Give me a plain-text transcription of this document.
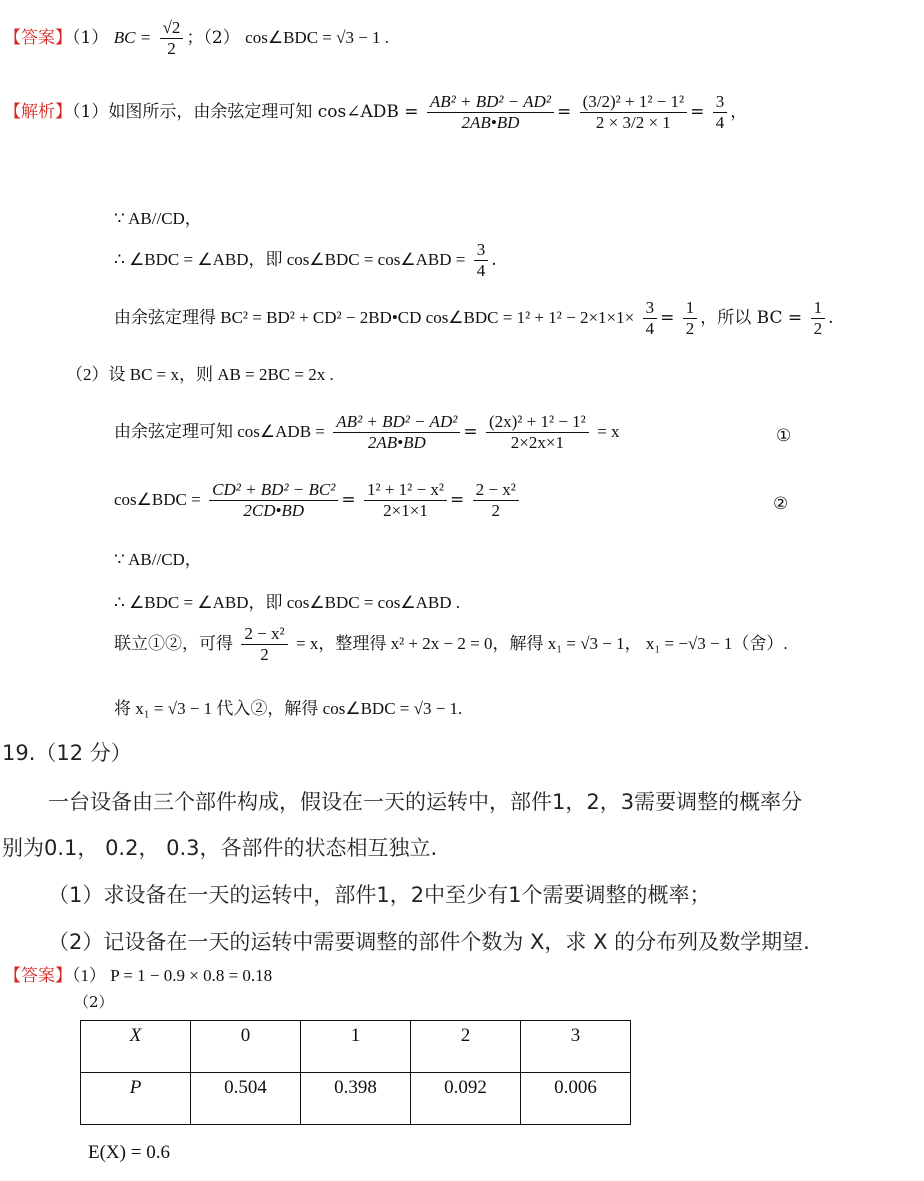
【答案】（1） BC = $\frac{√2}{2}$ ；（2） cos∠BDC = √3 − 1 .
【解析】（1）如图所示，由余弦定理可知 cos∠ADB = $\frac{\text{AB² + BD² − AD²}}{2AB•BD} = \frac{\text{(3/2)² + 1² − 1²}}{2 \times 3/2 \times 1} = \frac{3}{4}$ ，
∵ AB//CD，
∴ ∠BDC = ∠ABD，即 cos∠BDC = cos∠ABD = $\frac{3}{4}$ .
由余弦定理得 BC² = BD² + CD² − 2BD•CD cos∠BDC = $1^2 + 1^2 - 2\times 1\times 1\times \frac{3}{4} = \frac{1}{2}$ ，所以 BC = $\frac{1}{2}$ .
（2）设 BC = x，则 AB = 2BC = 2x .
由余弦定理可知 cos∠ADB = $\frac{\text{AB² + BD² − AD²}}{2AB•BD} = \frac{\text{(2x)² + 1² − 1²}}{2\times 2x\times 1} = x$	①
cos∠BDC = $\frac{\text{CD² + BD² − BC²}}{2CD•BD} = \frac{\text{1² + 1² − x²}}{2\times 1\times 1} = \frac{\text{2 − x²}}{2}$	②
∵ AB//CD，
∴ ∠BDC = ∠ABD，即 cos∠BDC = cos∠ABD .
联立①②，可得 $\frac{\text{2 − x²}}{2} = x$，整理得 x² + 2x − 2 = 0，解得 x₁ = √3 − 1， x₁ = −√3 − 1（舍）.
将 x₁ = √3 − 1 代入②，解得 cos∠BDC = √3 − 1.
19.（12 分）
一台设备由三个部件构成，假设在一天的运转中，部件1，2，3需要调整的概率分
别为0.1， 0.2， 0.3，各部件的状态相互独立.
（1）求设备在一天的运转中，部件1，2中至少有1个需要调整的概率；
（2）记设备在一天的运转中需要调整的部件个数为 X，求 X 的分布列及数学期望.
【答案】（1） P = 1 − 0.9 × 0.8 = 0.18
（2）
X	0	1	2	3
P	0.504	0.398	0.092	0.006
E(X) = 0.6
